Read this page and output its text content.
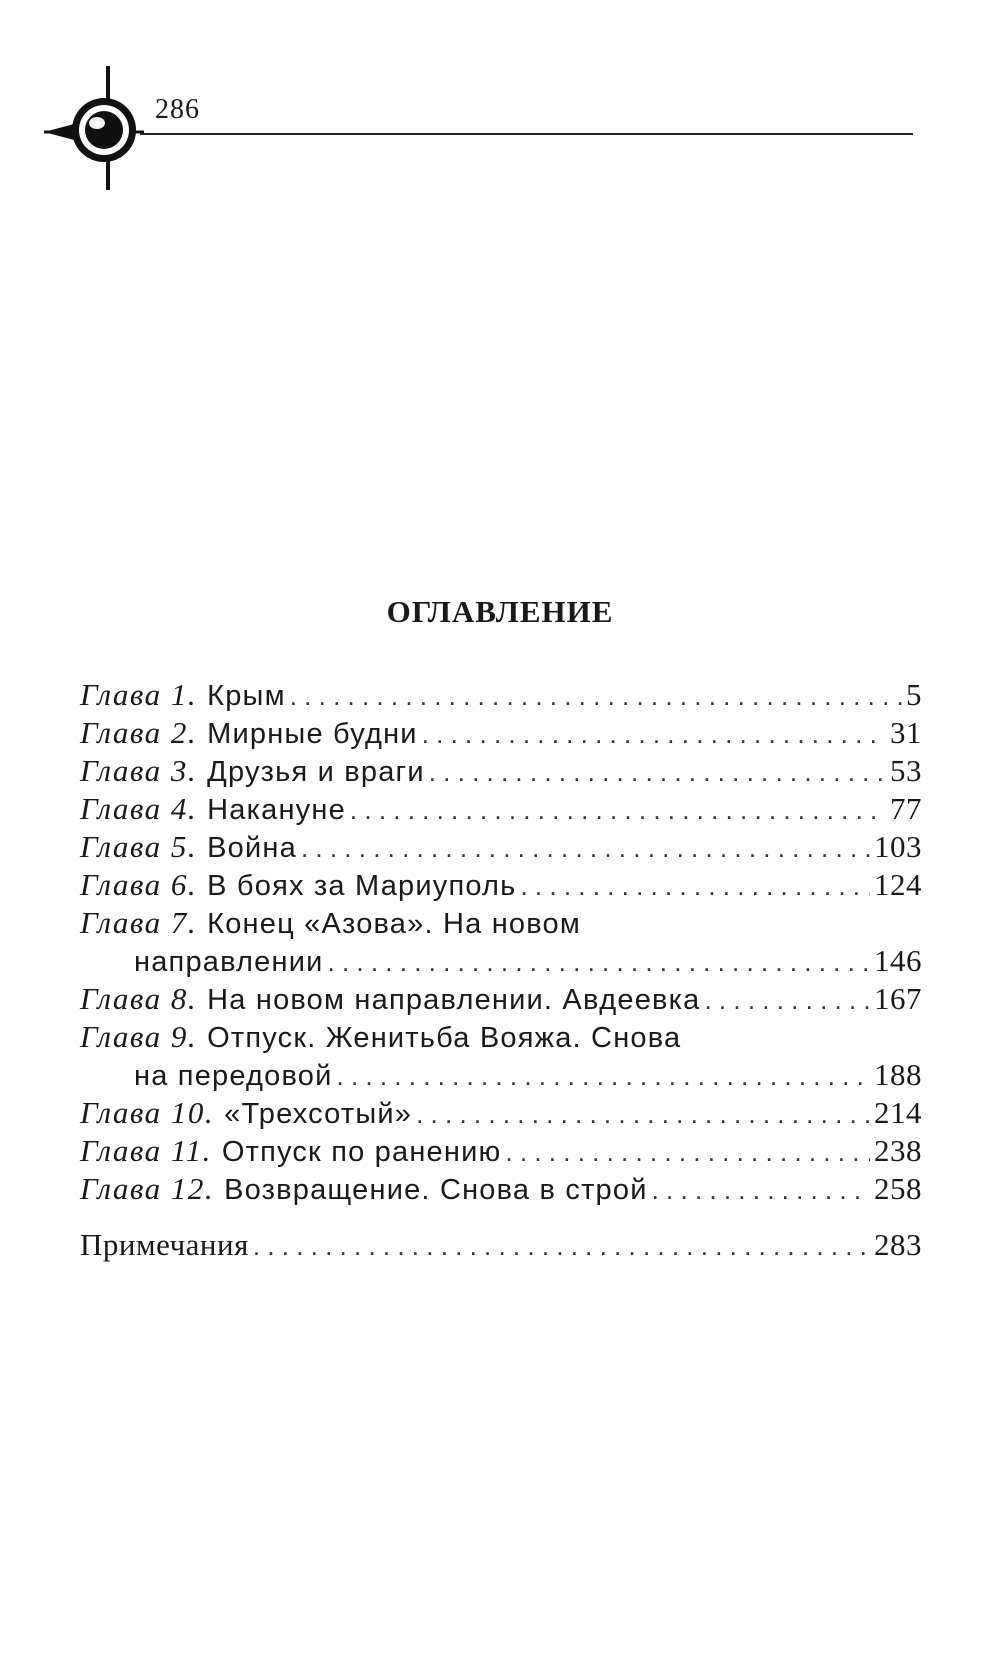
286
ОГЛАВЛЕНИЕ
Глава 1. Крым . . .	5
Глава 2. Мирные будни . . .	31
Глава 3. Друзья и враги . . .	53
Глава 4. Накануне . . .	77
Глава 5. Война . . .	103
Глава 6. В боях за Мариуполь . . .	124
Глава 7. Конец «Азова». На новом
направлении . . .	146
Глава 8. На новом направлении. Авдеевка . . .	167
Глава 9. Отпуск. Женитьба Вояжа. Снова
на передовой . . .	188
Глава 10. «Трехсотый» . . .	214
Глава 11. Отпуск по ранению . . .	238
Глава 12. Возвращение. Снова в строй . . .	258
Примечания . . .	283
